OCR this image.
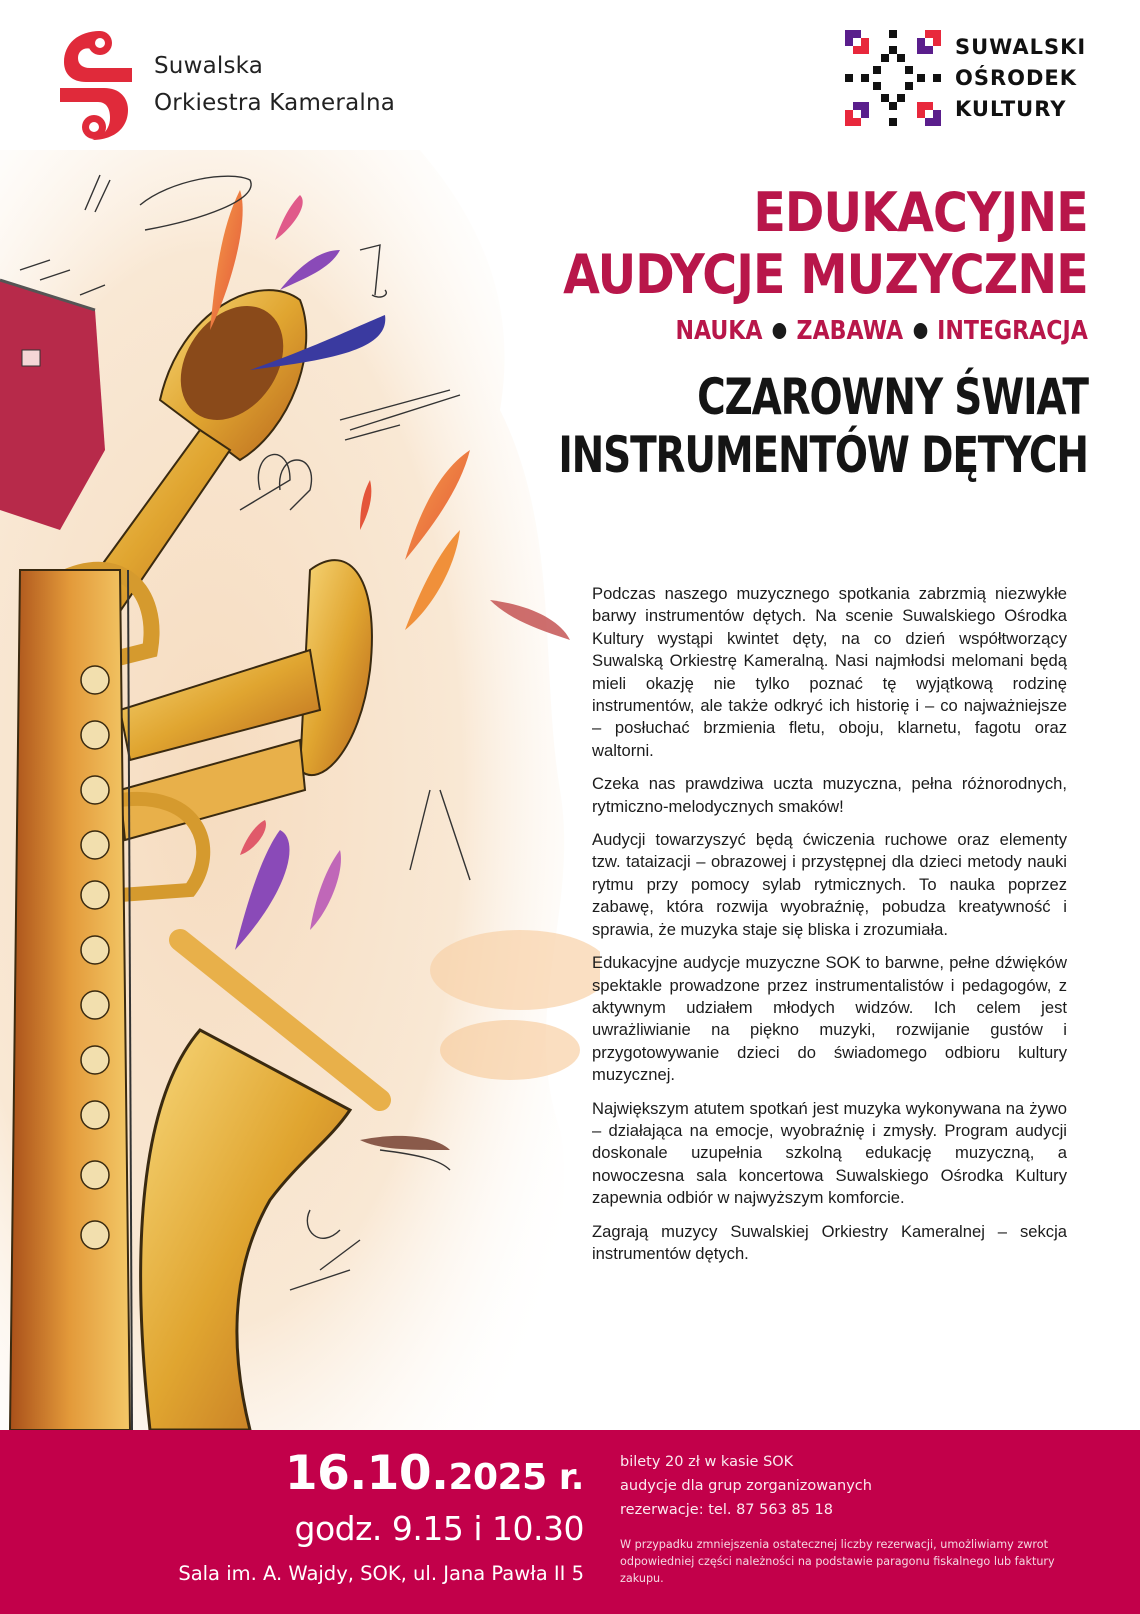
Suwalska
Orkiestra Kameralna
SUWALSKI
OŚRODEK
KULTURY
EDUKACYJNE
AUDYCJE MUZYCZNE
NAUKA ZABAWA INTEGRACJA
CZAROWNY ŚWIAT
INSTRUMENTÓW DĘTYCH

Podczas naszego muzycznego spotkania zabrzmią niezwykłe barwy instrumentów dętych. Na scenie Suwalskiego Ośrodka Kultury wystąpi kwintet dęty, na co dzień współtworzący Suwalską Orkiestrę Kameralną. Nasi najmłodsi melomani będą mieli okazję nie tylko poznać tę wyjątkową rodzinę instrumentów, ale także odkryć ich historię i – co najważniejsze – posłuchać brzmienia fletu, oboju, klarnetu, fagotu oraz waltorni.

Czeka nas prawdziwa uczta muzyczna, pełna różnorodnych, rytmiczno-melodycznych smaków!

Audycji towarzyszyć będą ćwiczenia ruchowe oraz elementy tzw. tataizacji – obrazowej i przystępnej dla dzieci metody nauki rytmu przy pomocy sylab rytmicznych. To nauka poprzez zabawę, która rozwija wyobraźnię, pobudza kreatywność i sprawia, że muzyka staje się bliska i zrozumiała.

Edukacyjne audycje muzyczne SOK to barwne, pełne dźwięków spektakle prowadzone przez instrumentalistów i pedagogów, z aktywnym udziałem młodych widzów. Ich celem jest uwrażliwianie na piękno muzyki, rozwijanie gustów i przygotowywanie dzieci do świadomego odbioru kultury muzycznej.

Największym atutem spotkań jest muzyka wykonywana na żywo – działająca na emocje, wyobraźnię i zmysły. Program audycji doskonale uzupełnia szkolną edukację muzyczną, a nowoczesna sala koncertowa Suwalskiego Ośrodka Kultury zapewnia odbiór w najwyższym komforcie.

Zagrają muzycy Suwalskiej Orkiestry Kameralnej – sekcja instrumentów dętych.

16.10.2025 r.
godz. 9.15 i 10.30
Sala im. A. Wajdy, SOK, ul. Jana Pawła II 5
bilety 20 zł w kasie SOK
audycje dla grup zorganizowanych
rezerwacje: tel. 87 563 85 18
W przypadku zmniejszenia ostatecznej liczby rezerwacji, umożliwiamy zwrot odpowiedniej części należności na podstawie paragonu fiskalnego lub faktury zakupu.
